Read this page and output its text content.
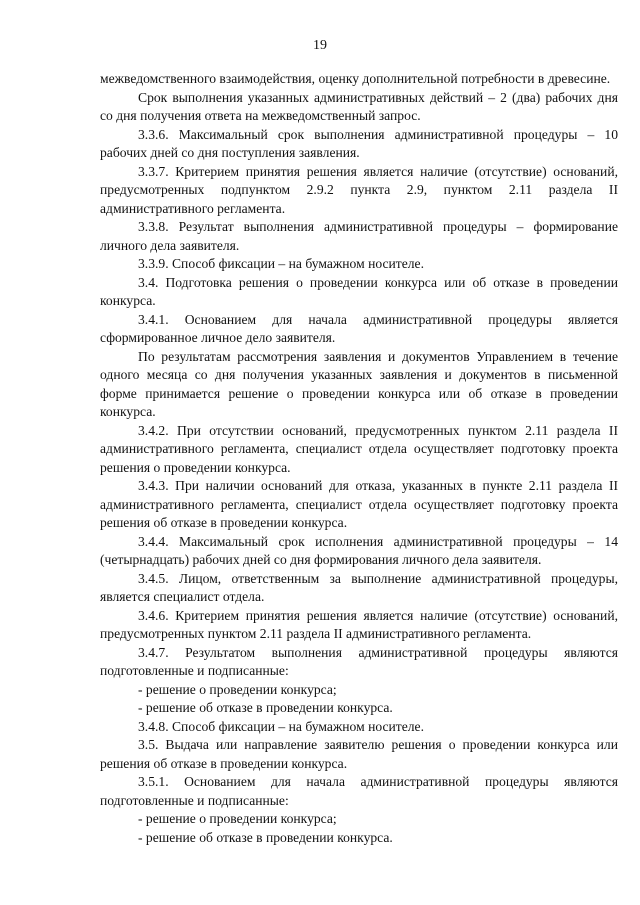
19

межведомственного взаимодействия, оценку дополнительной потребности в древесине.

Срок выполнения указанных административных действий – 2 (два) рабочих дня со дня получения ответа на межведомственный запрос.

3.3.6. Максимальный срок выполнения административной процедуры – 10 рабочих дней со дня поступления заявления.

3.3.7. Критерием принятия решения является наличие (отсутствие) оснований, предусмотренных подпунктом 2.9.2 пункта 2.9, пунктом 2.11 раздела II административного регламента.

3.3.8. Результат выполнения административной процедуры – формирование личного дела заявителя.

3.3.9. Способ фиксации – на бумажном носителе.

3.4. Подготовка решения о проведении конкурса или об отказе в проведении конкурса.

3.4.1. Основанием для начала административной процедуры является сформированное личное дело заявителя.

По результатам рассмотрения заявления и документов Управлением в течение одного месяца со дня получения указанных заявления и документов в письменной форме принимается решение о проведении конкурса или об отказе в проведении конкурса.

3.4.2. При отсутствии оснований, предусмотренных пунктом 2.11 раздела II административного регламента, специалист отдела осуществляет подготовку проекта решения о проведении конкурса.

3.4.3. При наличии оснований для отказа, указанных в пункте 2.11 раздела II административного регламента, специалист отдела осуществляет подготовку проекта решения об отказе в проведении конкурса.

3.4.4. Максимальный срок исполнения административной процедуры – 14 (четырнадцать) рабочих дней со дня формирования личного дела заявителя.

3.4.5. Лицом, ответственным за выполнение административной процедуры, является специалист отдела.

3.4.6. Критерием принятия решения является наличие (отсутствие) оснований, предусмотренных пунктом 2.11 раздела II административного регламента.

3.4.7. Результатом выполнения административной процедуры являются подготовленные и подписанные:

- решение о проведении конкурса;

- решение об отказе в проведении конкурса.

3.4.8. Способ фиксации – на бумажном носителе.

3.5. Выдача или направление заявителю решения о проведении конкурса или решения об отказе в проведении конкурса.

3.5.1. Основанием для начала административной процедуры являются подготовленные и подписанные:

- решение о проведении конкурса;

- решение об отказе в проведении конкурса.
